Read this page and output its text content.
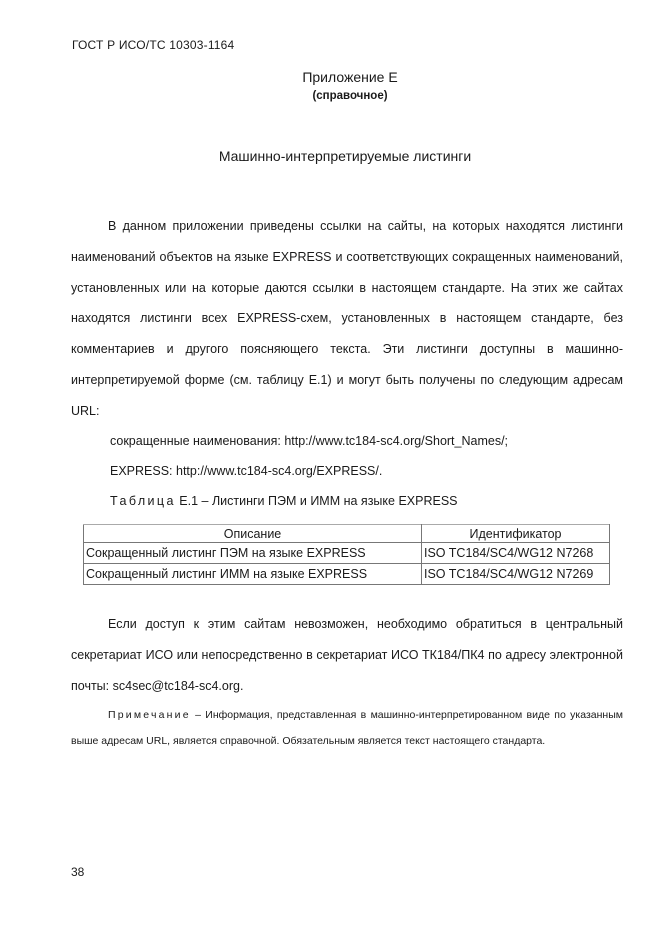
ГОСТ Р ИСО/ТС 10303-1164
Приложение Е
(справочное)
Машинно-интерпретируемые листинги

В данном приложении приведены ссылки на сайты, на которых находятся листинги наименований объектов на языке EXPRESS и соответствующих сокращенных наименований, установленных или на которые даются ссылки в настоящем стандарте. На этих же сайтах находятся листинги всех EXPRESS-схем, установленных в настоящем стандарте, без комментариев и другого поясняющего текста. Эти листинги доступны в машинно-интерпретируемой форме (см. таблицу Е.1) и могут быть получены по следующим адресам URL:

сокращенные наименования: http://www.tc184-sc4.org/Short_Names/;
EXPRESS: http://www.tc184-sc4.org/EXPRESS/.
Таблица Е.1 – Листинги ПЭМ и ИММ на языке EXPRESS
Описание	Идентификатор
Сокращенный листинг ПЭМ на языке EXPRESS	ISO TC184/SC4/WG12 N7268
Сокращенный листинг ИММ на языке EXPRESS	ISO TC184/SC4/WG12 N7269

Если доступ к этим сайтам невозможен, необходимо обратиться в центральный секретариат ИСО или непосредственно в секретариат ИСО ТК184/ПК4 по адресу электронной почты: sc4sec@tc184-sc4.org.

Примечание – Информация, представленная в машинно-интерпретированном виде по указанным выше адресам URL, является справочной. Обязательным является текст настоящего стандарта.

38
